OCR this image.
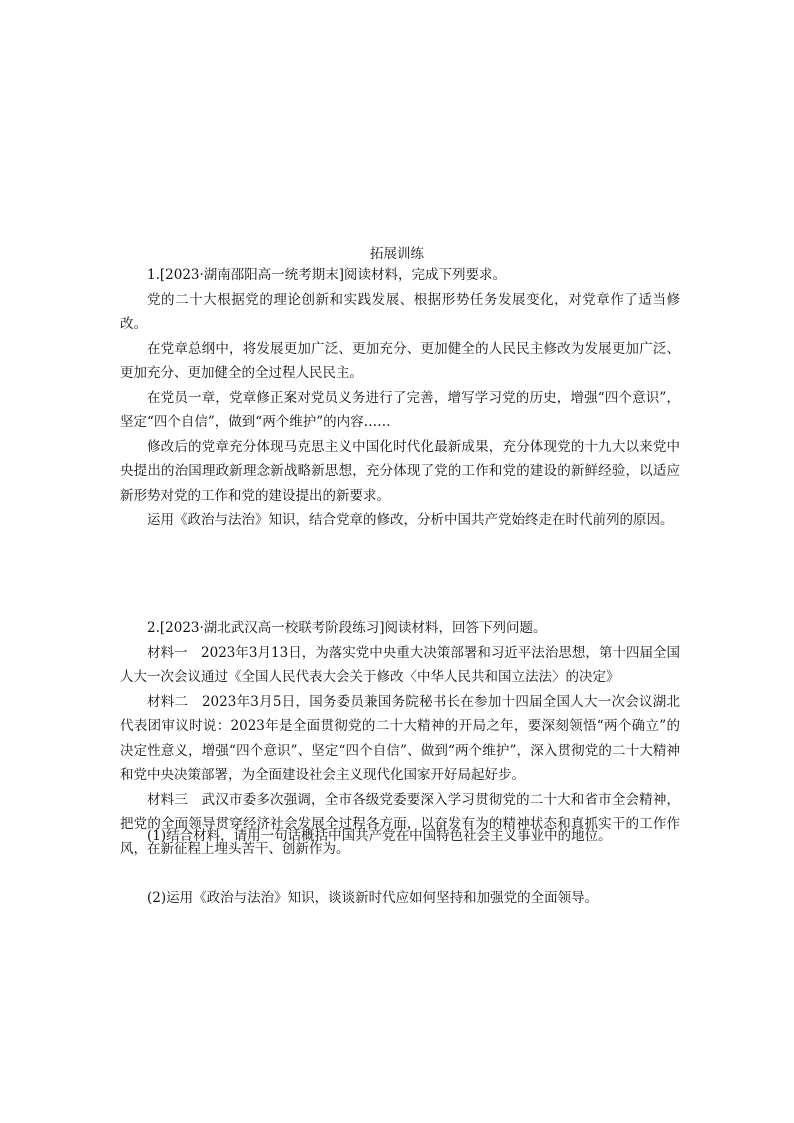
拓展训练

1.[2023·湖南邵阳高一统考期末]阅读材料，完成下列要求。

党的二十大根据党的理论创新和实践发展、根据形势任务发展变化，对党章作了适当修改。

在党章总纲中，将发展更加广泛、更加充分、更加健全的人民民主修改为发展更加广泛、更加充分、更加健全的全过程人民民主。

在党员一章，党章修正案对党员义务进行了完善，增写学习党的历史，增强“四个意识”，坚定“四个自信”，做到“两个维护”的内容……

修改后的党章充分体现马克思主义中国化时代化最新成果，充分体现党的十九大以来党中央提出的治国理政新理念新战略新思想，充分体现了党的工作和党的建设的新鲜经验，以适应新形势对党的工作和党的建设提出的新要求。

运用《政治与法治》知识，结合党章的修改，分析中国共产党始终走在时代前列的原因。

2.[2023·湖北武汉高一校联考阶段练习]阅读材料，回答下列问题。

材料一　2023年3月13日，为落实党中央重大决策部署和习近平法治思想，第十四届全国人大一次会议通过《全国人民代表大会关于修改〈中华人民共和国立法法〉的决定》

材料二　2023年3月5日，国务委员兼国务院秘书长在参加十四届全国人大一次会议湖北代表团审议时说：2023年是全面贯彻党的二十大精神的开局之年，要深刻领悟“两个确立”的决定性意义，增强“四个意识”、坚定“四个自信”、做到“两个维护”，深入贯彻党的二十大精神和党中央决策部署，为全面建设社会主义现代化国家开好局起好步。

材料三　武汉市委多次强调，全市各级党委要深入学习贯彻党的二十大和省市全会精神，把党的全面领导贯穿经济社会发展全过程各方面，以奋发有为的精神状态和真抓实干的工作作风，在新征程上埋头苦干、创新作为。

(1)结合材料，请用一句话概括中国共产党在中国特色社会主义事业中的地位。

(2)运用《政治与法治》知识，谈谈新时代应如何坚持和加强党的全面领导。
